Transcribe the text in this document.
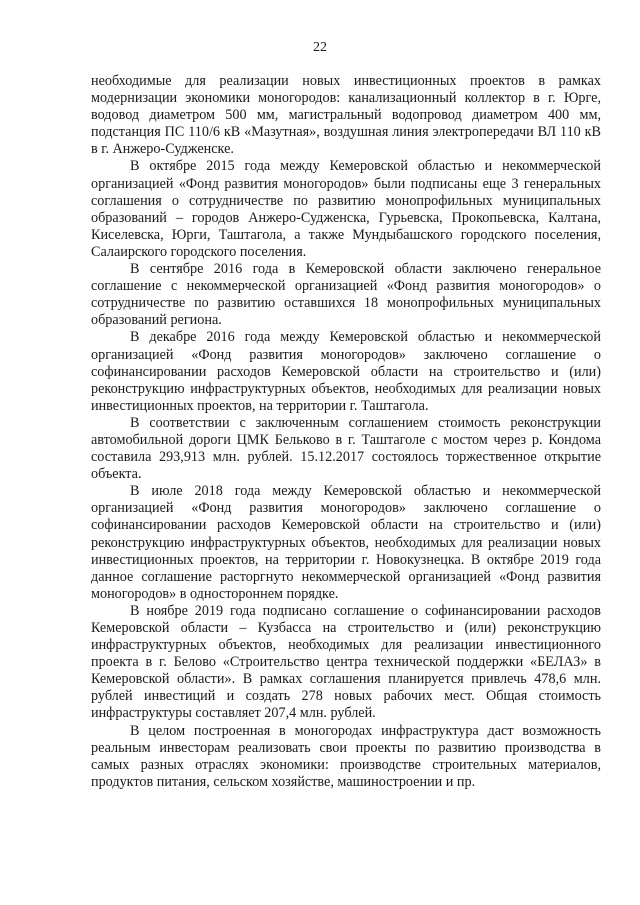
22

необходимые для реализации новых инвестиционных проектов в рамках модернизации экономики моногородов: канализационный коллектор в г. Юрге, водовод диаметром 500 мм, магистральный водопровод диаметром 400 мм, подстанция ПС 110/6 кВ «Мазутная», воздушная линия электропередачи ВЛ 110 кВ в г. Анжеро-Судженске.

В октябре 2015 года между Кемеровской областью и некоммерческой организацией «Фонд развития моногородов» были подписаны еще 3 генеральных соглашения о сотрудничестве по развитию монопрофильных муниципальных образований – городов Анжеро-Судженска, Гурьевска, Прокопьевска, Калтана, Киселевска, Юрги, Таштагола, а также Мундыбашского городского поселения, Салаирского городского поселения.

В сентябре 2016 года в Кемеровской области заключено генеральное соглашение с некоммерческой организацией «Фонд развития моногородов» о сотрудничестве по развитию оставшихся 18 монопрофильных муниципальных образований региона.

В декабре 2016 года между Кемеровской областью и некоммерческой организацией «Фонд развития моногородов» заключено соглашение о софинансировании расходов Кемеровской области на строительство и (или) реконструкцию инфраструктурных объектов, необходимых для реализации новых инвестиционных проектов, на территории г. Таштагола.

В соответствии с заключенным соглашением стоимость реконструкции автомобильной дороги ЦМК Бельково в г. Таштаголе с мостом через р. Кондома составила 293,913 млн. рублей. 15.12.2017 состоялось торжественное открытие объекта.

В июле 2018 года между Кемеровской областью и некоммерческой организацией «Фонд развития моногородов» заключено соглашение о софинансировании расходов Кемеровской области на строительство и (или) реконструкцию инфраструктурных объектов, необходимых для реализации новых инвестиционных проектов, на территории г. Новокузнецка. В октябре 2019 года данное соглашение расторгнуто некоммерческой организацией «Фонд развития моногородов» в одностороннем порядке.

В ноябре 2019 года подписано соглашение о софинансировании расходов Кемеровской области – Кузбасса на строительство и (или) реконструкцию инфраструктурных объектов, необходимых для реализации инвестиционного проекта в г. Белово «Строительство центра технической поддержки «БЕЛАЗ» в Кемеровской области». В рамках соглашения планируется привлечь 478,6 млн. рублей инвестиций и создать 278 новых рабочих мест. Общая стоимость инфраструктуры составляет 207,4 млн. рублей.

В целом построенная в моногородах инфраструктура даст возможность реальным инвесторам реализовать свои проекты по развитию производства в самых разных отраслях экономики: производстве строительных материалов, продуктов питания, сельском хозяйстве, машиностроении и пр.
